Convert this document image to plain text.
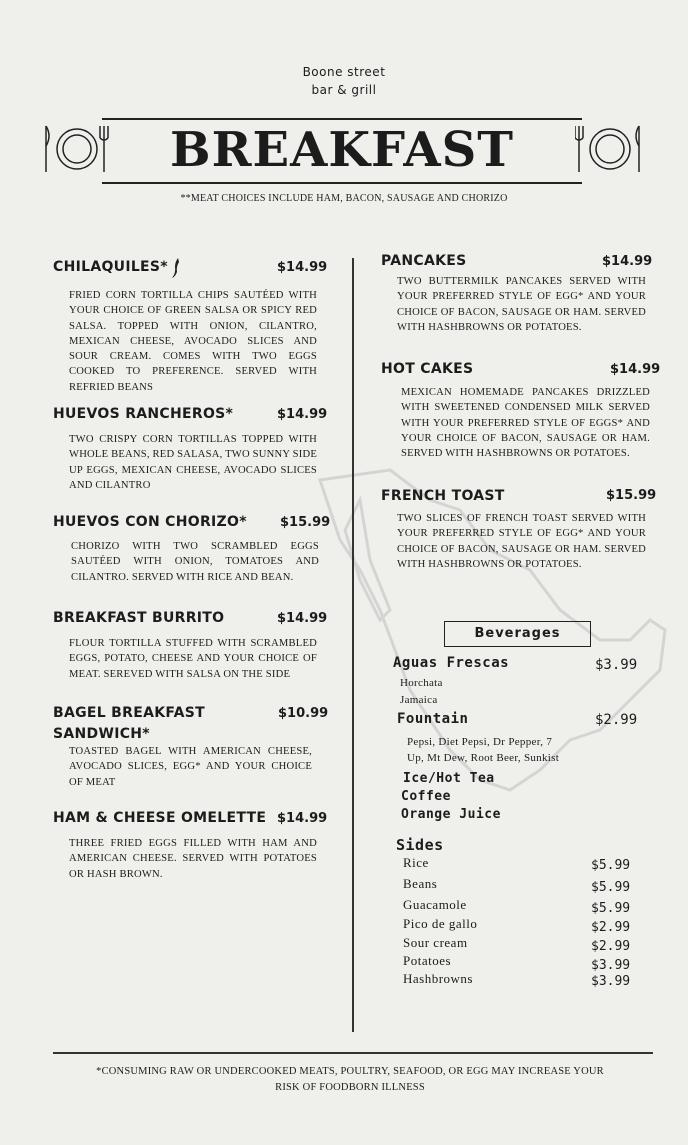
Boone street
bar & grill
BREAKFAST
**MEAT CHOICES INCLUDE HAM, BACON, SAUSAGE AND CHORIZO
CHILAQUILES*	$14.99
FRIED CORN TORTILLA CHIPS SAUTÉED WITH YOUR CHOICE OF GREEN SALSA OR SPICY RED SALSA. TOPPED WITH ONION, CILANTRO, MEXICAN CHEESE, AVOCADO SLICES AND SOUR CREAM. COMES WITH TWO EGGS COOKED TO PREFERENCE. SERVED WITH REFRIED BEANS
HUEVOS RANCHEROS*	$14.99
TWO CRISPY CORN TORTILLAS TOPPED WITH WHOLE BEANS, RED SALASA, TWO SUNNY SIDE UP EGGS, MEXICAN CHEESE, AVOCADO SLICES AND CILANTRO
HUEVOS CON CHORIZO*	$15.99
CHORIZO WITH TWO SCRAMBLED EGGS SAUTÉED WITH ONION, TOMATOES AND CILANTRO. SERVED WITH RICE AND BEAN.
BREAKFAST BURRITO	$14.99
FLOUR TORTILLA STUFFED WITH SCRAMBLED EGGS, POTATO, CHEESE AND YOUR CHOICE OF MEAT. SEREVED WITH SALSA ON THE SIDE
BAGEL BREAKFAST
SANDWICH*
$10.99
TOASTED BAGEL WITH AMERICAN CHEESE, AVOCADO SLICES, EGG* AND YOUR CHOICE OF MEAT
HAM & CHEESE OMELETTE $14.99
THREE FRIED EGGS FILLED WITH HAM AND AMERICAN CHEESE. SERVED WITH POTATOES OR HASH BROWN.
PANCAKES	$14.99
TWO BUTTERMILK PANCAKES SERVED WITH YOUR PREFERRED STYLE OF EGG* AND YOUR CHOICE OF BACON, SAUSAGE OR HAM. SERVED WITH HASHBROWNS OR POTATOES.
HOT CAKES	$14.99
MEXICAN HOMEMADE PANCAKES DRIZZLED WITH SWEETENED CONDENSED MILK SERVED WITH YOUR PREFERRED STYLE OF EGGS* AND YOUR CHOICE OF BACON, SAUSAGE OR HAM. SERVED WITH HASHBROWNS OR POTATOES.
FRENCH TOAST	$15.99
TWO SLICES OF FRENCH TOAST SERVED WITH YOUR PREFERRED STYLE OF EGG* AND YOUR CHOICE OF BACON, SAUSAGE OR HAM. SERVED WITH HASHBROWNS OR POTATOES.
Beverages
Aguas Frescas	$3.99
Horchata
Jamaica
Fountain	$2.99
Pepsi, Diet Pepsi, Dr Pepper, 7
Up, Mt Dew, Root Beer, Sunkist
Ice/Hot Tea
Coffee
Orange Juice
Sides
Rice	$5.99
Beans	$5.99
Guacamole	$5.99
Pico de gallo	$2.99
Sour cream	$2.99
Potatoes	$3.99
Hashbrowns	$3.99
*CONSUMING RAW OR UNDERCOOKED MEATS, POULTRY, SEAFOOD, OR EGG MAY INCREASE YOUR
RISK OF FOODBORN ILLNESS
